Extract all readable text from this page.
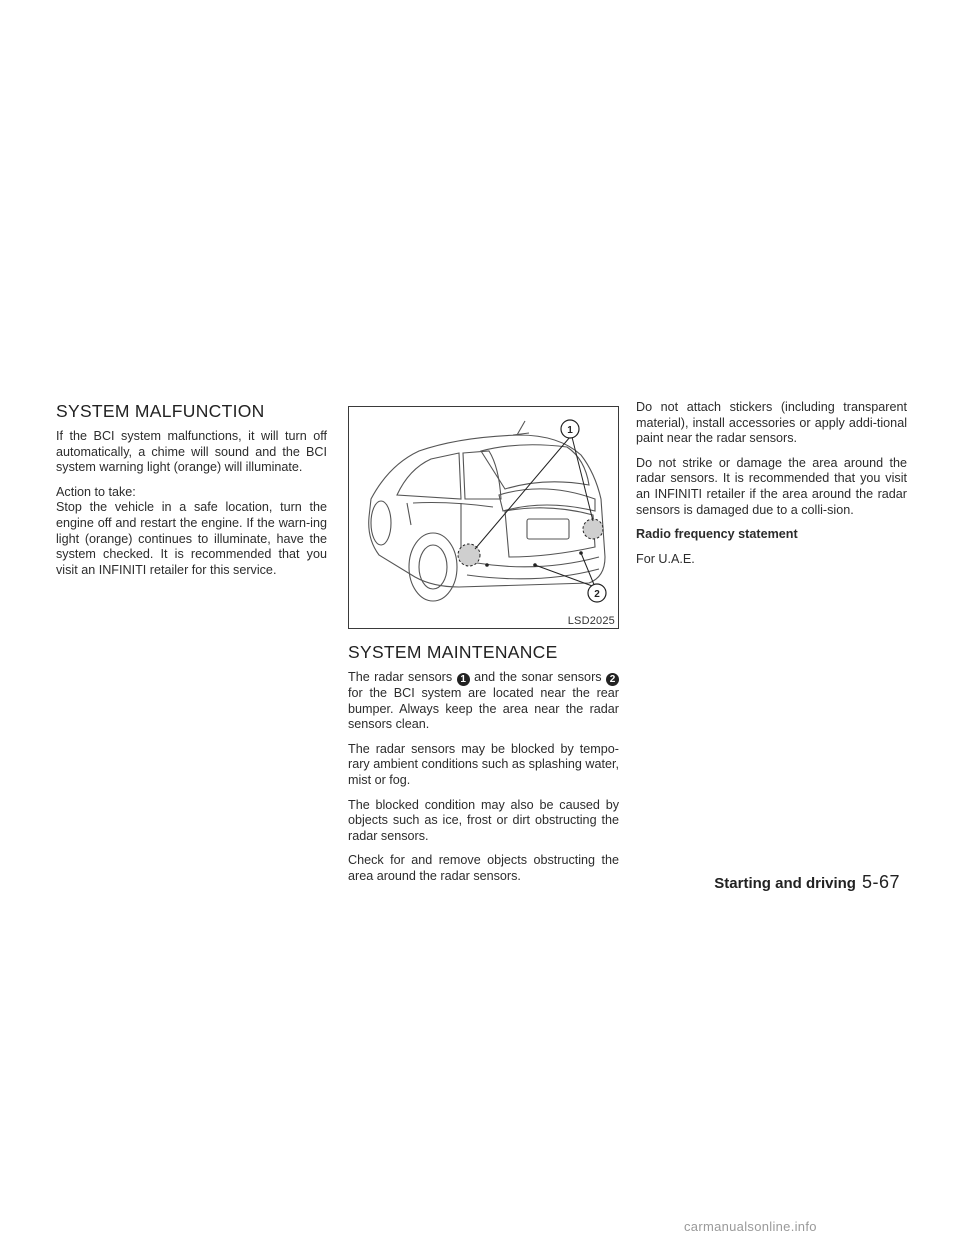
SYSTEM MALFUNCTION

If the BCI system malfunctions, it will turn off automatically, a chime will sound and the BCI system warning light (orange) will illuminate.

Action to take:
Stop the vehicle in a safe location, turn the engine off and restart the engine. If the warn-ing light (orange) continues to illuminate, have the system checked. It is recommended that you visit an INFINITI retailer for this service.

1
2
LSD2025
SYSTEM MAINTENANCE

The radar sensors 1 and the sonar sensors 2 for the BCI system are located near the rear bumper. Always keep the area near the radar sensors clean.

The radar sensors may be blocked by tempo-rary ambient conditions such as splashing water, mist or fog.

The blocked condition may also be caused by objects such as ice, frost or dirt obstructing the radar sensors.

Check for and remove objects obstructing the area around the radar sensors.

Do not attach stickers (including transparent material), install accessories or apply addi-tional paint near the radar sensors.

Do not strike or damage the area around the radar sensors. It is recommended that you visit an INFINITI retailer if the area around the radar sensors is damaged due to a colli-sion.

Radio frequency statement

For U.A.E.

Starting and driving 5-67
carmanualsonline.info
